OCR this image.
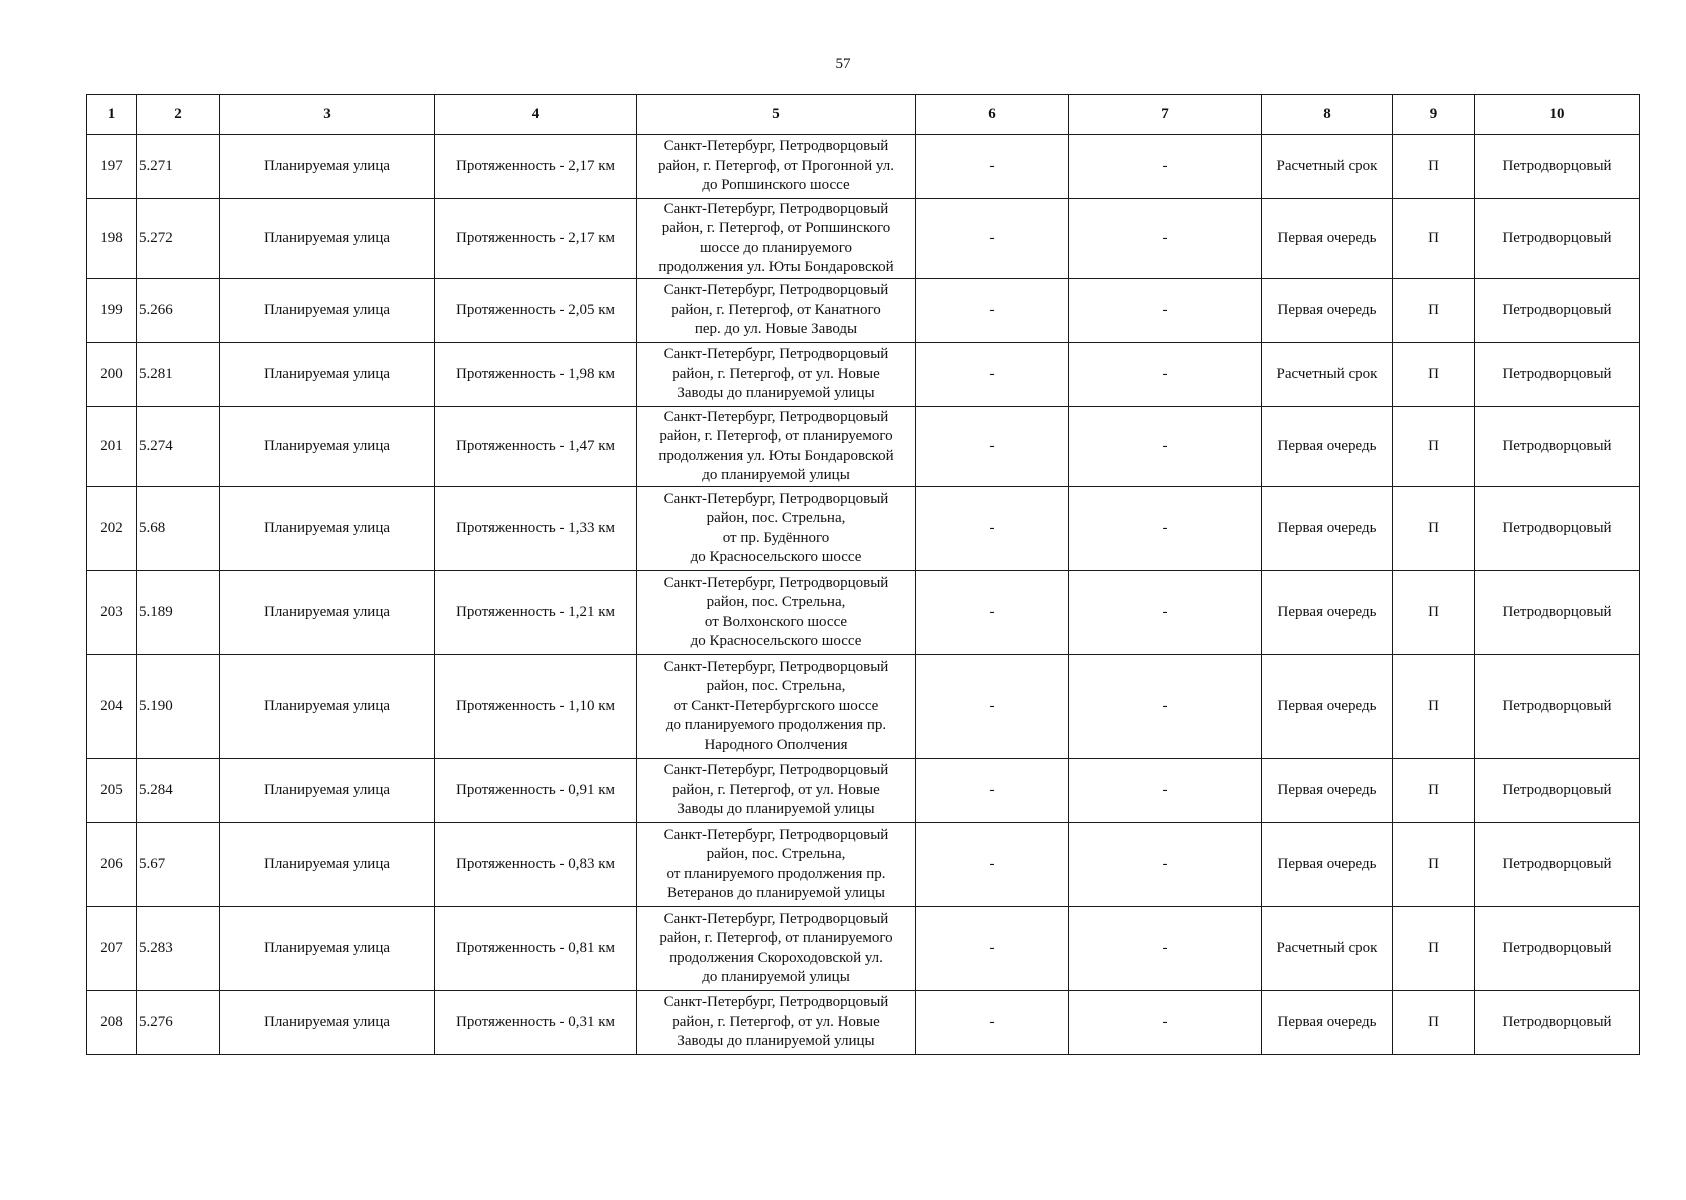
57
1	2	3	4	5	6	7	8	9	10
197	5.271	Планируемая улица	Протяженность - 2,17 км	Санкт-Петербург, Петродворцовый
район, г. Петергоф, от Прогонной ул.
до Ропшинского шоссе	-	-	Расчетный срок	П	Петродворцовый
198	5.272	Планируемая улица	Протяженность - 2,17 км	Санкт-Петербург, Петродворцовый
район, г. Петергоф, от Ропшинского
шоссе до планируемого
продолжения ул. Юты Бондаровской	-	-	Первая очередь	П	Петродворцовый
199	5.266	Планируемая улица	Протяженность - 2,05 км	Санкт-Петербург, Петродворцовый
район, г. Петергоф, от Канатного
пер. до ул. Новые Заводы	-	-	Первая очередь	П	Петродворцовый
200	5.281	Планируемая улица	Протяженность - 1,98 км	Санкт-Петербург, Петродворцовый
район, г. Петергоф, от ул. Новые
Заводы до планируемой улицы	-	-	Расчетный срок	П	Петродворцовый
201	5.274	Планируемая улица	Протяженность - 1,47 км	Санкт-Петербург, Петродворцовый
район, г. Петергоф, от планируемого
продолжения ул. Юты Бондаровской
до планируемой улицы	-	-	Первая очередь	П	Петродворцовый
202	5.68	Планируемая улица	Протяженность - 1,33 км	Санкт-Петербург, Петродворцовый
район, пос. Стрельна,
от пр. Будённого
до Красносельского шоссе	-	-	Первая очередь	П	Петродворцовый
203	5.189	Планируемая улица	Протяженность - 1,21 км	Санкт-Петербург, Петродворцовый
район, пос. Стрельна,
от Волхонского шоссе
до Красносельского шоссе	-	-	Первая очередь	П	Петродворцовый
204	5.190	Планируемая улица	Протяженность - 1,10 км	Санкт-Петербург, Петродворцовый
район, пос. Стрельна,
от Санкт-Петербургского шоссе
до планируемого продолжения пр.
Народного Ополчения	-	-	Первая очередь	П	Петродворцовый
205	5.284	Планируемая улица	Протяженность - 0,91 км	Санкт-Петербург, Петродворцовый
район, г. Петергоф, от ул. Новые
Заводы до планируемой улицы	-	-	Первая очередь	П	Петродворцовый
206	5.67	Планируемая улица	Протяженность - 0,83 км	Санкт-Петербург, Петродворцовый
район, пос. Стрельна,
от планируемого продолжения пр.
Ветеранов до планируемой улицы	-	-	Первая очередь	П	Петродворцовый
207	5.283	Планируемая улица	Протяженность - 0,81 км	Санкт-Петербург, Петродворцовый
район, г. Петергоф, от планируемого
продолжения Скороходовской ул.
до планируемой улицы	-	-	Расчетный срок	П	Петродворцовый
208	5.276	Планируемая улица	Протяженность - 0,31 км	Санкт-Петербург, Петродворцовый
район, г. Петергоф, от ул. Новые
Заводы до планируемой улицы	-	-	Первая очередь	П	Петродворцовый
